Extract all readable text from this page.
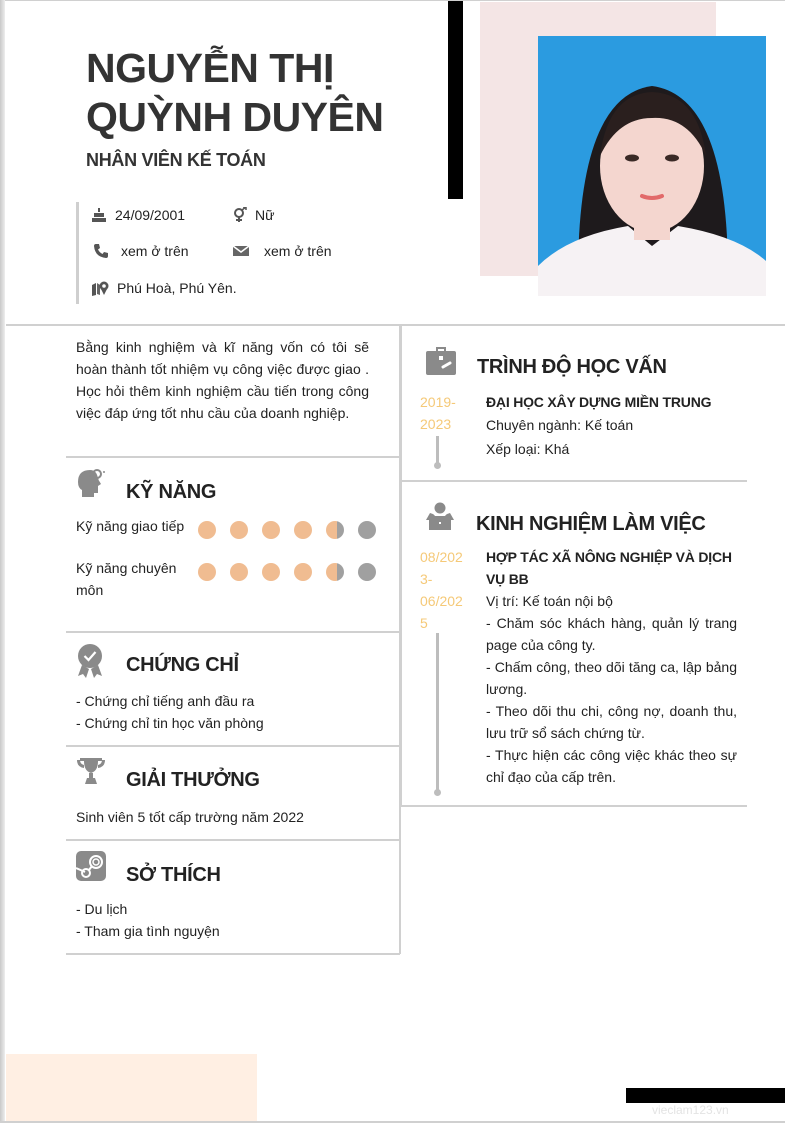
NGUYỄN THỊ
QUỲNH DUYÊN
NHÂN VIÊN KẾ TOÁN
24/09/2001	Nữ
xem ở trên	xem ở trên
Phú Hoà, Phú Yên.
Bằng kinh nghiệm và kĩ năng vốn có tôi sẽ hoàn thành tốt nhiệm vụ công việc được giao . Học hỏi thêm kinh nghiệm cầu tiến trong công việc đáp ứng tốt nhu cầu của doanh nghiệp.
KỸ NĂNG
Kỹ năng giao tiếp
Kỹ năng chuyên môn
CHỨNG CHỈ
- Chứng chỉ tiếng anh đầu ra
- Chứng chỉ tin học văn phòng
GIẢI THƯỞNG
Sinh viên 5 tốt cấp trường năm 2022
SỞ THÍCH
- Du lịch
- Tham gia tình nguyện
TRÌNH ĐỘ HỌC VẤN
2019-
2023
ĐẠI HỌC XÂY DỰNG MIỀN TRUNG
Chuyên ngành: Kế toán
Xếp loại: Khá
KINH NGHIỆM LÀM VIỆC
08/202
3-
06/202
5
HỢP TÁC XÃ NÔNG NGHIỆP VÀ DỊCH VỤ BB
Vị trí: Kế toán nội bộ
- Chăm sóc khách hàng, quản lý trang page của công ty.
- Chấm công, theo dõi tăng ca, lập bảng lương.
- Theo dõi thu chi, công nợ, doanh thu, lưu trữ sổ sách chứng từ.
- Thực hiện các công việc khác theo sự chỉ đạo của cấp trên.
vieclam123.vn
